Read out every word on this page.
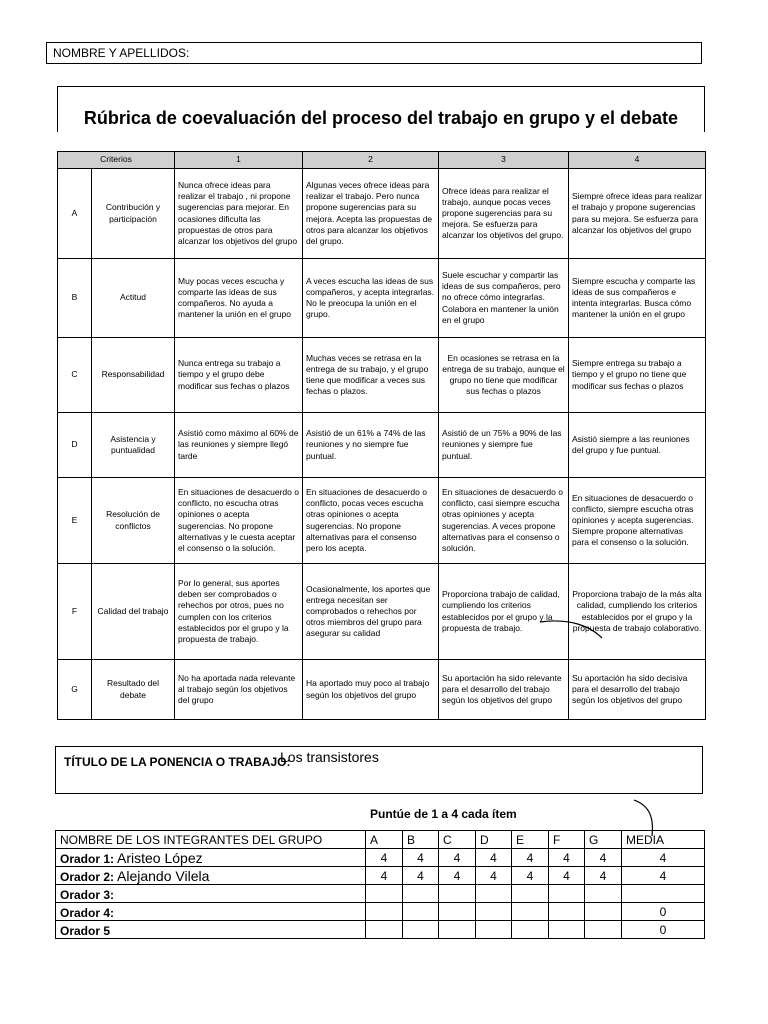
NOMBRE Y APELLIDOS:
Rúbrica de coevaluación del proceso del trabajo en grupo y el debate
Criterios		1	2	3	4
A	Contribución y participación	Nunca ofrece ideas para realizar el trabajo , ni propone sugerencias para mejorar. En ocasiones dificulta las propuestas de otros para alcanzar los objetivos del grupo	Algunas veces ofrece ideas para realizar el trabajo. Pero nunca propone sugerencias para su mejora. Acepta las propuestas de otros para alcanzar los objetivos del grupo.	Ofrece ideas para realizar el trabajo, aunque pocas veces propone sugerencias para su mejora. Se esfuerza para alcanzar los objetivos del grupo.	Siempre ofrece ideas para realizar el trabajo y propone sugerencias para su mejora. Se esfuerza para alcanzar los objetivos del grupo
B	Actitud	Muy pocas veces escucha y comparte las ideas de sus compañeros. No ayuda a mantener la unión en el grupo	A veces escucha las ideas de sus compañeros, y acepta integrarlas. No le preocupa la unión en el grupo.	Suele escuchar y compartir las ideas de sus compañeros, pero no ofrece cómo integrarlas. Colabora en mantener la unión en el grupo	Siempre escucha y comparte las ideas de sus compañeros e intenta integrarlas. Busca cómo mantener la unión en el grupo
C	Responsabilidad	Nunca entrega su trabajo a tiempo y el grupo debe modificar sus fechas o plazos	Muchas veces se retrasa en la entrega de su trabajo, y el grupo tiene que modificar a veces sus fechas o plazos.	En ocasiones se retrasa en la entrega de su trabajo, aunque el grupo no tiene que modificar sus fechas o plazos	Siempre entrega su trabajo a tiempo y el grupo no tiene que modificar sus fechas o plazos
D	Asistencia y puntualidad	Asistió como máximo al 60% de las reuniones y siempre llegó tarde	Asistió de un 61% a 74% de las reuniones y no siempre fue puntual.	Asistió de un 75% a 90% de las reuniones y siempre fue puntual.	Asistió siempre a las reuniones del grupo y fue puntual.
E	Resolución de conflictos	En situaciones de desacuerdo o conflicto, no escucha otras opiniones o acepta sugerencias. No propone alternativas y le cuesta aceptar el consenso o la solución.	En situaciones de desacuerdo o conflicto, pocas veces escucha otras opiniones o acepta sugerencias. No propone alternativas para el consenso pero los acepta.	En situaciones de desacuerdo o conflicto, casi siempre escucha otras opiniones y acepta sugerencias. A veces propone alternativas para el consenso o solución.	En situaciones de desacuerdo o conflicto, siempre escucha otras opiniones y acepta sugerencias. Siempre propone alternativas para el consenso o la solución.
F	Calidad del trabajo	Por lo general, sus aportes deben ser comprobados o rehechos por otros, pues no cumplen con los criterios establecidos por el grupo y la propuesta de trabajo.	Ocasionalmente, los aportes que entrega necesitan ser comprobados o rehechos por otros miembros del grupo para asegurar su calidad	Proporciona trabajo de calidad, cumpliendo los criterios establecidos por el grupo y la propuesta de trabajo.	Proporciona trabajo de la más alta calidad, cumpliendo los criterios establecidos por el grupo y la propuesta de trabajo colaborativo.
G	Resultado del debate	No ha aportada nada relevante al trabajo según los objetivos del grupo	Ha aportado muy poco al trabajo según los objetivos del grupo	Su aportación ha sido relevante para el desarrollo del trabajo según los objetivos del grupo	Su aportación ha sido decisiva para el desarrollo del trabajo según los objetivos del grupo
TÍTULO DE LA PONENCIA O TRABAJO:
Los transistores
Puntúe de 1 a 4 cada ítem
NOMBRE DE LOS INTEGRANTES DEL GRUPO	A	B	C	D	E	F	G	MEDIA
Orador 1: Aristeo López	4	4	4	4	4	4	4	4
Orador 2: Alejando Vilela	4	4	4	4	4	4	4	4
Orador 3:								
Orador 4:								0
Orador 5								0
